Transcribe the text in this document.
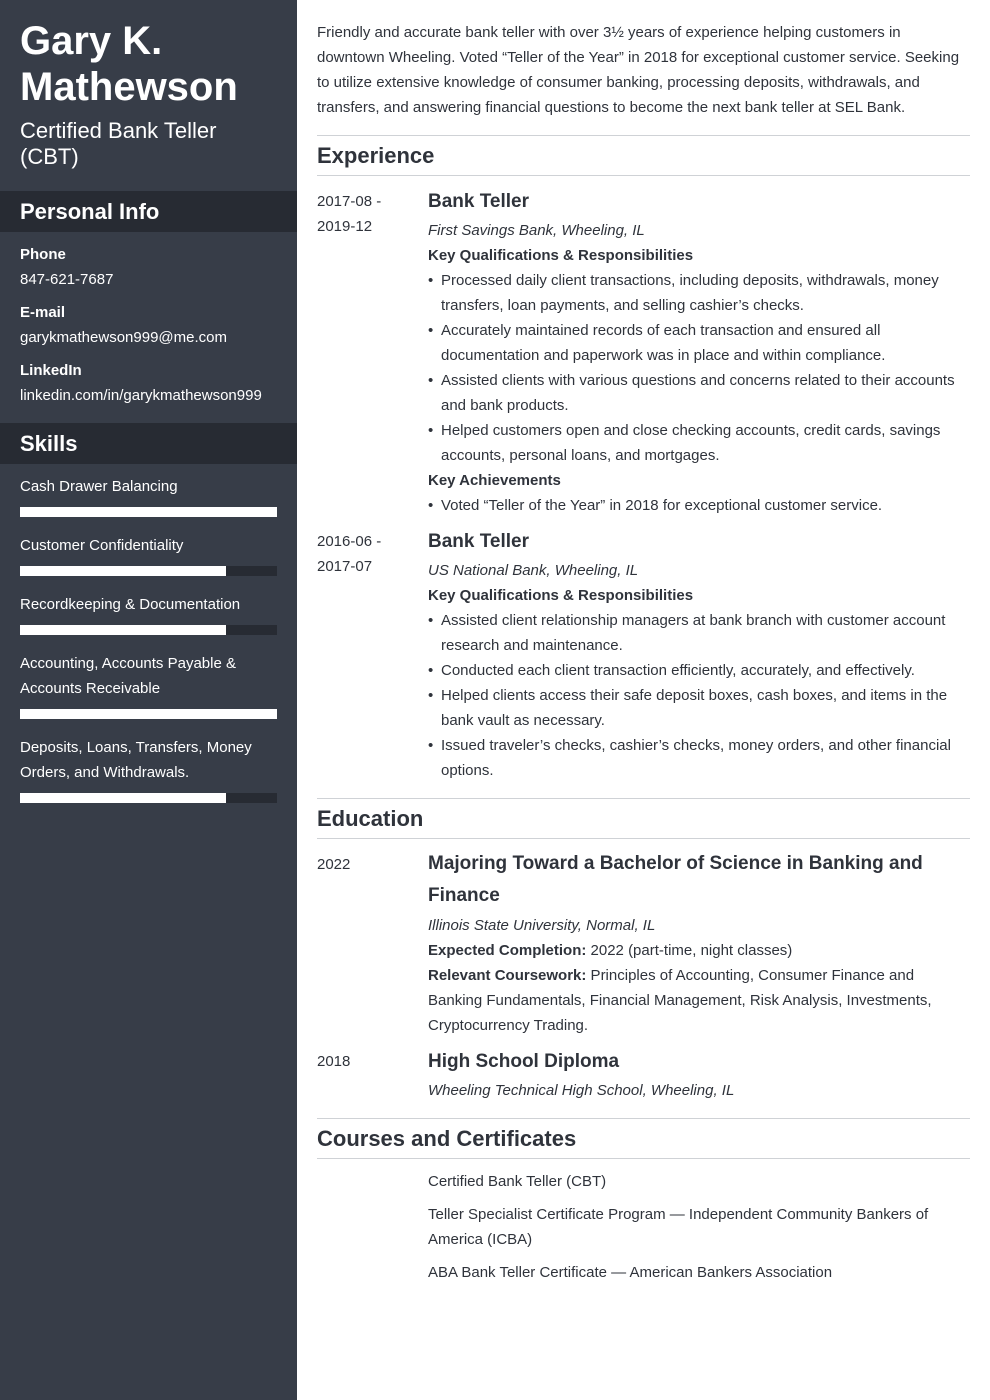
Gary K. Mathewson
Certified Bank Teller (CBT)
Personal Info
Phone
847-621-7687
E-mail
garykmathewson999@me.com
LinkedIn
linkedin.com/in/garykmathewson999
Skills
Cash Drawer Balancing
Customer Confidentiality
Recordkeeping & Documentation
Accounting, Accounts Payable & Accounts Receivable
Deposits, Loans, Transfers, Money Orders, and Withdrawals.
Friendly and accurate bank teller with over 3½ years of experience helping customers in downtown Wheeling. Voted “Teller of the Year” in 2018 for exceptional customer service. Seeking to utilize extensive knowledge of consumer banking, processing deposits, withdrawals, and transfers, and answering financial questions to become the next bank teller at SEL Bank.
Experience
2017-08 -
2019-12
Bank Teller
First Savings Bank, Wheeling, IL
Key Qualifications & Responsibilities
• Processed daily client transactions, including deposits, withdrawals, money transfers, loan payments, and selling cashier’s checks.
• Accurately maintained records of each transaction and ensured all documentation and paperwork was in place and within compliance.
• Assisted clients with various questions and concerns related to their accounts and bank products.
• Helped customers open and close checking accounts, credit cards, savings accounts, personal loans, and mortgages.
Key Achievements
• Voted “Teller of the Year” in 2018 for exceptional customer service.
2016-06 -
2017-07
Bank Teller
US National Bank, Wheeling, IL
Key Qualifications & Responsibilities
• Assisted client relationship managers at bank branch with customer account research and maintenance.
• Conducted each client transaction efficiently, accurately, and effectively.
• Helped clients access their safe deposit boxes, cash boxes, and items in the bank vault as necessary.
• Issued traveler’s checks, cashier’s checks, money orders, and other financial options.
Education
2022	Majoring Toward a Bachelor of Science in Banking and Finance
Illinois State University, Normal, IL
Expected Completion: 2022 (part-time, night classes)
Relevant Coursework: Principles of Accounting, Consumer Finance and Banking Fundamentals, Financial Management, Risk Analysis, Investments, Cryptocurrency Trading.
2018	High School Diploma
Wheeling Technical High School, Wheeling, IL
Courses and Certificates
Certified Bank Teller (CBT)
Teller Specialist Certificate Program — Independent Community Bankers of America (ICBA)
ABA Bank Teller Certificate — American Bankers Association
